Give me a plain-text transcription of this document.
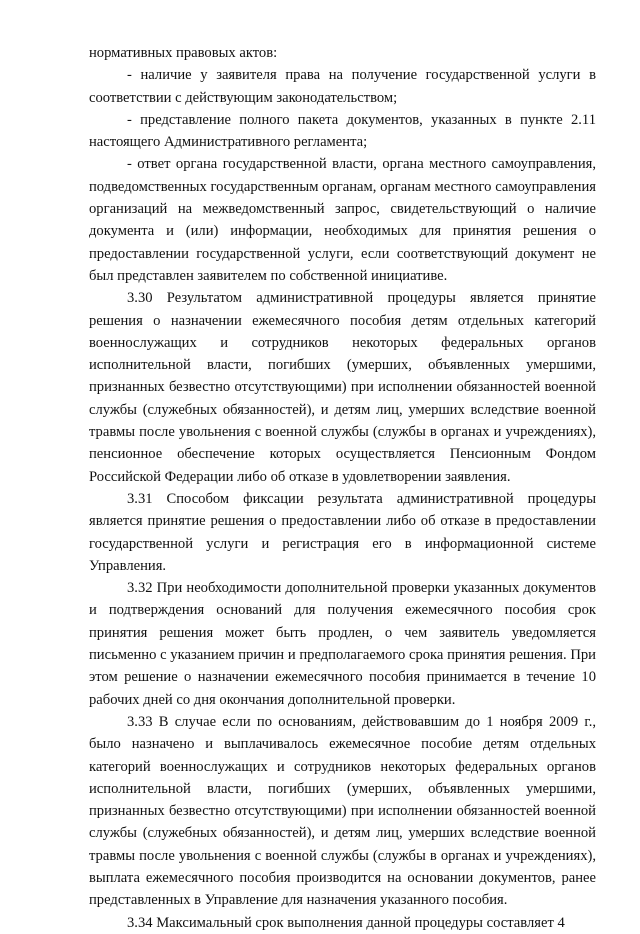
нормативных правовых актов:

- наличие у заявителя права на получение государственной услуги в соответствии с действующим законодательством;

- представление полного пакета документов, указанных в пункте 2.11 настоящего Административного регламента;

- ответ органа государственной власти, органа местного самоуправления, подведомственных государственным органам, органам местного самоуправления организаций на межведомственный запрос, свидетельствующий о наличие документа и (или) информации, необходимых для принятия решения о предоставлении государственной услуги, если соответствующий документ не был представлен заявителем по собственной инициативе.

3.30 Результатом административной процедуры является принятие решения о назначении ежемесячного пособия детям отдельных категорий военнослужащих и сотрудников некоторых федеральных органов исполнительной власти, погибших (умерших, объявленных умершими, признанных безвестно отсутствующими) при исполнении обязанностей военной службы (служебных обязанностей), и детям лиц, умерших вследствие военной травмы после увольнения с военной службы (службы в органах и учреждениях), пенсионное обеспечение которых осуществляется Пенсионным Фондом Российской Федерации либо об отказе в удовлетворении заявления.

3.31 Способом фиксации результата административной процедуры является принятие решения о предоставлении либо об отказе в предоставлении государственной услуги и регистрация его в информационной системе Управления.

3.32 При необходимости дополнительной проверки указанных документов и подтверждения оснований для получения ежемесячного пособия срок принятия решения может быть продлен, о чем заявитель уведомляется письменно с указанием причин и предполагаемого срока принятия решения. При этом решение о назначении ежемесячного пособия принимается в течение 10 рабочих дней со дня окончания дополнительной проверки.

3.33 В случае если по основаниям, действовавшим до 1 ноября 2009 г., было назначено и выплачивалось ежемесячное пособие детям отдельных категорий военнослужащих и сотрудников некоторых федеральных органов исполнительной власти, погибших (умерших, объявленных умершими, признанных безвестно отсутствующими) при исполнении обязанностей военной службы (служебных обязанностей), и детям лиц, умерших вследствие военной травмы после увольнения с военной службы (службы в органах и учреждениях), выплата ежемесячного пособия производится на основании документов, ранее представленных в Управление для назначения указанного пособия.

3.34 Максимальный срок выполнения данной процедуры составляет 4
